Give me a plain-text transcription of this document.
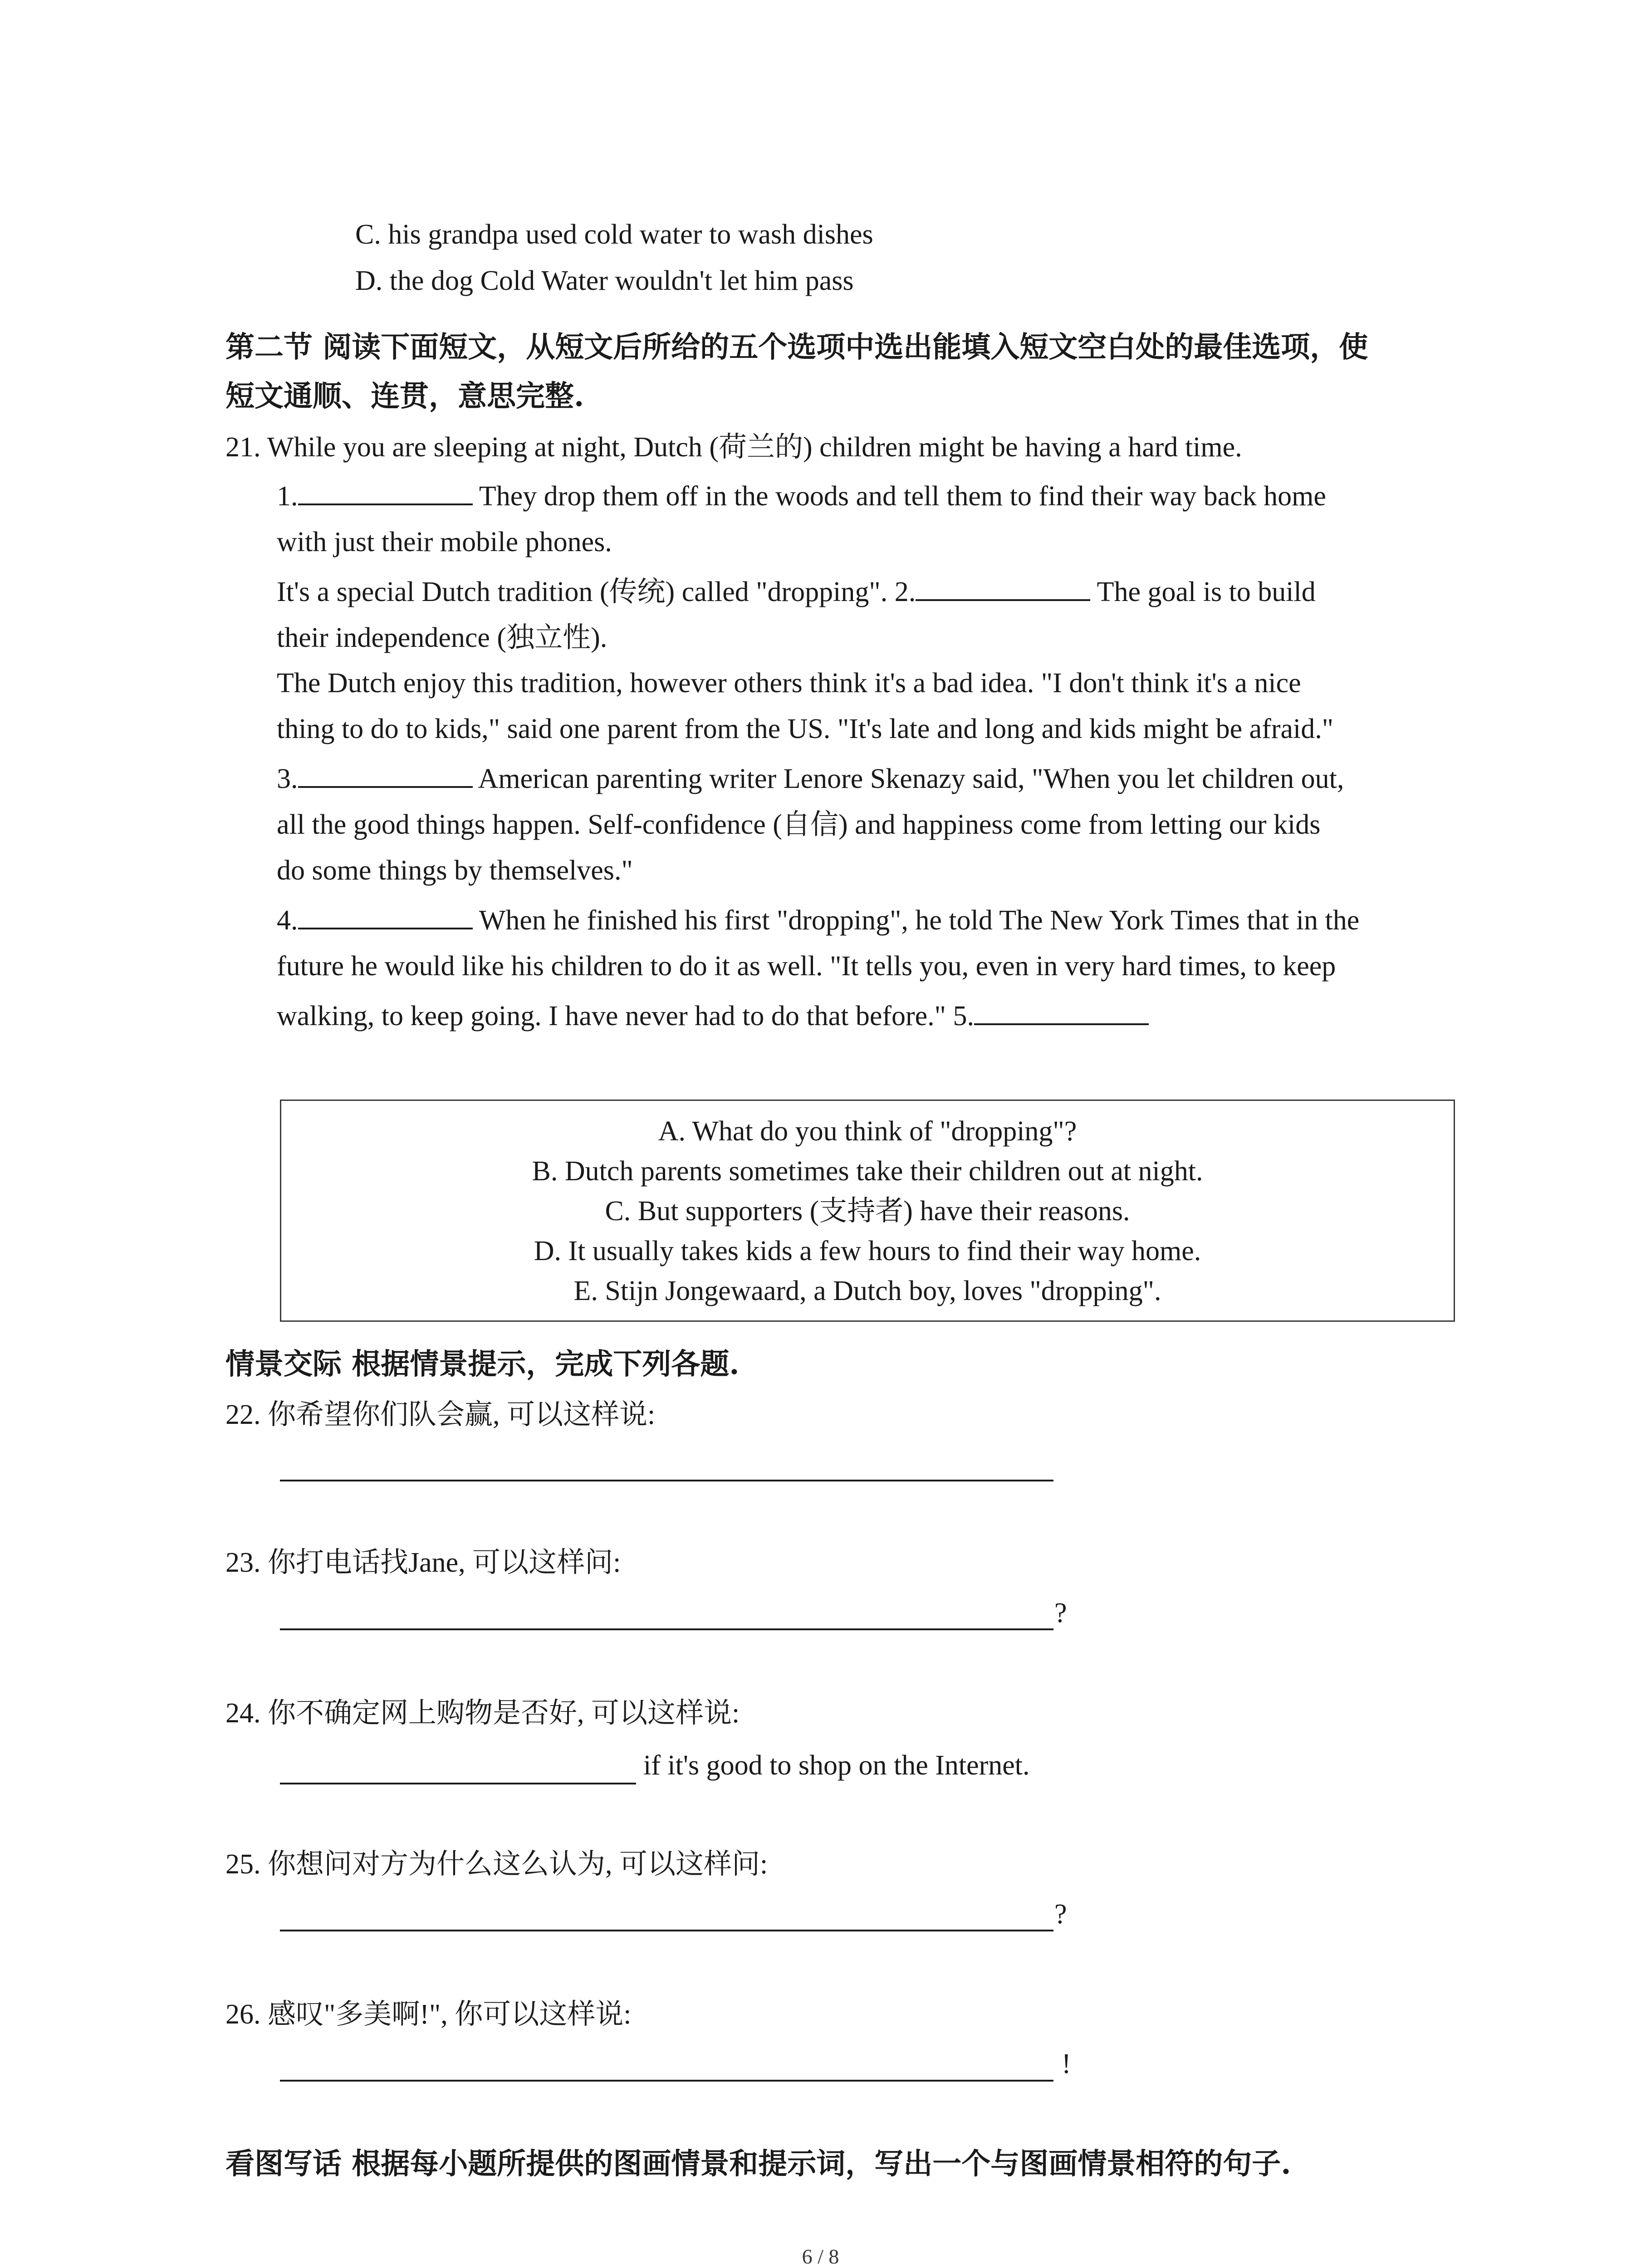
C. his grandpa used cold water to wash dishes
D. the dog Cold Water wouldn't let him pass
第二节 阅读下面短文，从短文后所给的五个选项中选出能填入短文空白处的最佳选项，使
短文通顺、连贯，意思完整.
21. While you are sleeping at night, Dutch (荷兰的) children might be having a hard time.
1.	They drop them off in the woods and tell them to find their way back home
with just their mobile phones.
It's a special Dutch tradition (传统) called "dropping". 2.	The goal is to build
their independence (独立性).
The Dutch enjoy this tradition, however others think it's a bad idea. "I don't think it's a nice
thing to do to kids," said one parent from the US. "It's late and long and kids might be afraid."
3.	American parenting writer Lenore Skenazy said, "When you let children out,
all the good things happen. Self-confidence (自信) and happiness come from letting our kids
do some things by themselves."
4.	When he finished his first "dropping", he told The New York Times that in the
future he would like his children to do it as well. "It tells you, even in very hard times, to keep
walking, to keep going. I have never had to do that before." 5.
A. What do you think of "dropping"?
B. Dutch parents sometimes take their children out at night.
C. But supporters (支持者) have their reasons.
D. It usually takes kids a few hours to find their way home.
E. Stijn Jongewaard, a Dutch boy, loves "dropping".
情景交际 根据情景提示，完成下列各题.
22. 你希望你们队会赢, 可以这样说:
23. 你打电话找Jane, 可以这样问:
?
24. 你不确定网上购物是否好, 可以这样说:
if it's good to shop on the Internet.
25. 你想问对方为什么这么认为, 可以这样问:
?
26. 感叹"多美啊!", 你可以这样说:
!
看图写话 根据每小题所提供的图画情景和提示词，写出一个与图画情景相符的句子.
6 / 8
